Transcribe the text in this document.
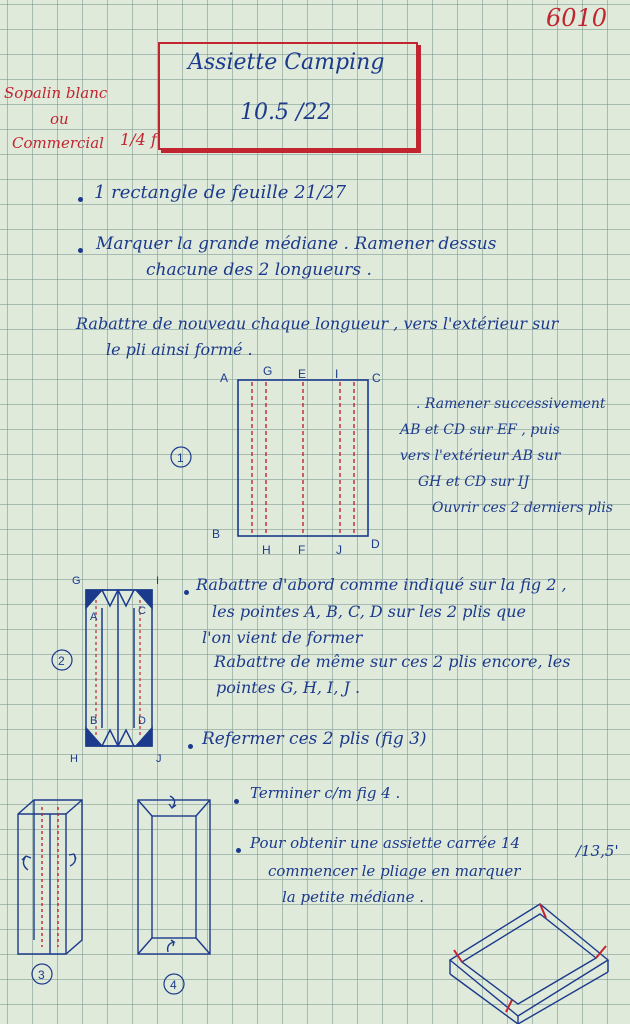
6010
Sopalin blanc
ou
Commercial 1/4 f
Assiette Camping
10.5 /22
1 rectangle de feuille 21/27
Marquer la grande médiane . Ramener dessus
chacune des 2 longueurs .
Rabattre de nouveau chaque longueur , vers l'extérieur sur
le pli ainsi formé .
. Ramener successivement
AB et CD sur EF , puis
vers l'extérieur AB sur
GH et CD sur IJ
Ouvrir ces 2 derniers plis
Rabattre d'abord comme indiqué sur la fig 2 ,
les pointes A, B, C, D sur les 2 plis que
l'on vient de former
Rabattre de même sur ces 2 plis encore, les
pointes G, H, I, J .
Refermer ces 2 plis (fig 3)
Terminer c/m fig 4 .
Pour obtenir une assiette carrée 14	/13,5'
commencer le pliage en marquer
la petite médiane .
A	G E I	C
B
H F	J D
1
G	I
H	J
A	C
B	D
2
3
4
